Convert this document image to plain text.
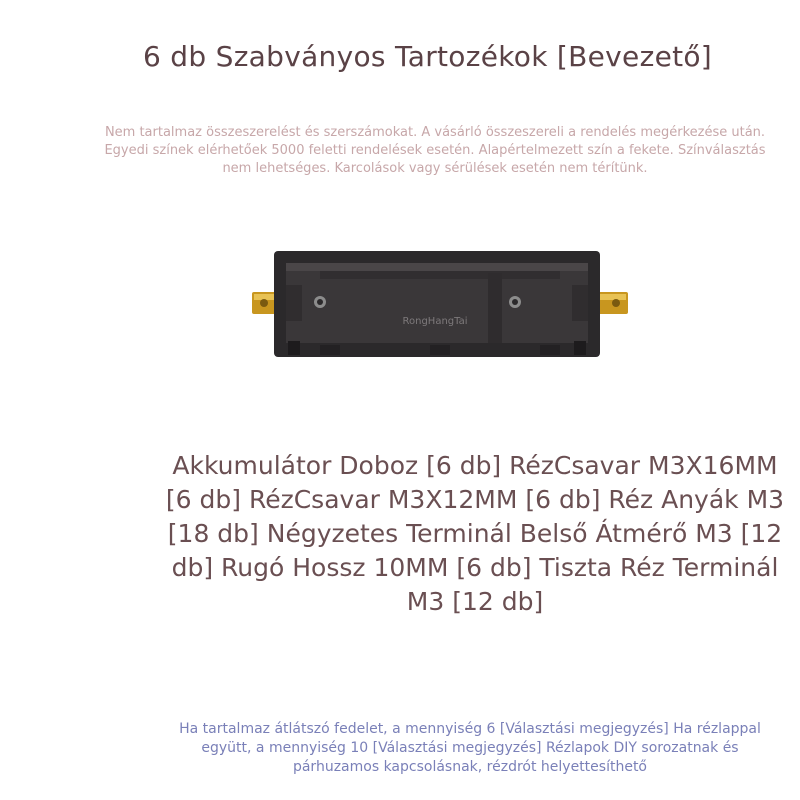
6 db Szabványos Tartozékok [Bevezető]
Nem tartalmaz összeszerelést és szerszámokat. A vásárló összeszereli a rendelés megérkezése után. Egyedi színek elérhetőek 5000 feletti rendelések esetén. Alapértelmezett szín a fekete. Színválasztás nem lehetséges. Karcolások vagy sérülések esetén nem térítünk.
RongHangTai
Akkumulátor Doboz [6 db] RézCsavar M3X16MM [6 db] RézCsavar M3X12MM [6 db] Réz Anyák M3 [18 db] Négyzetes Terminál Belső Átmérő M3 [12 db] Rugó Hossz 10MM [6 db] Tiszta Réz Terminál M3 [12 db]
Ha tartalmaz átlátszó fedelet, a mennyiség 6 [Választási megjegyzés] Ha rézlappal együtt, a mennyiség 10 [Választási megjegyzés] Rézlapok DIY sorozatnak és párhuzamos kapcsolásnak, rézdrót helyettesíthető
